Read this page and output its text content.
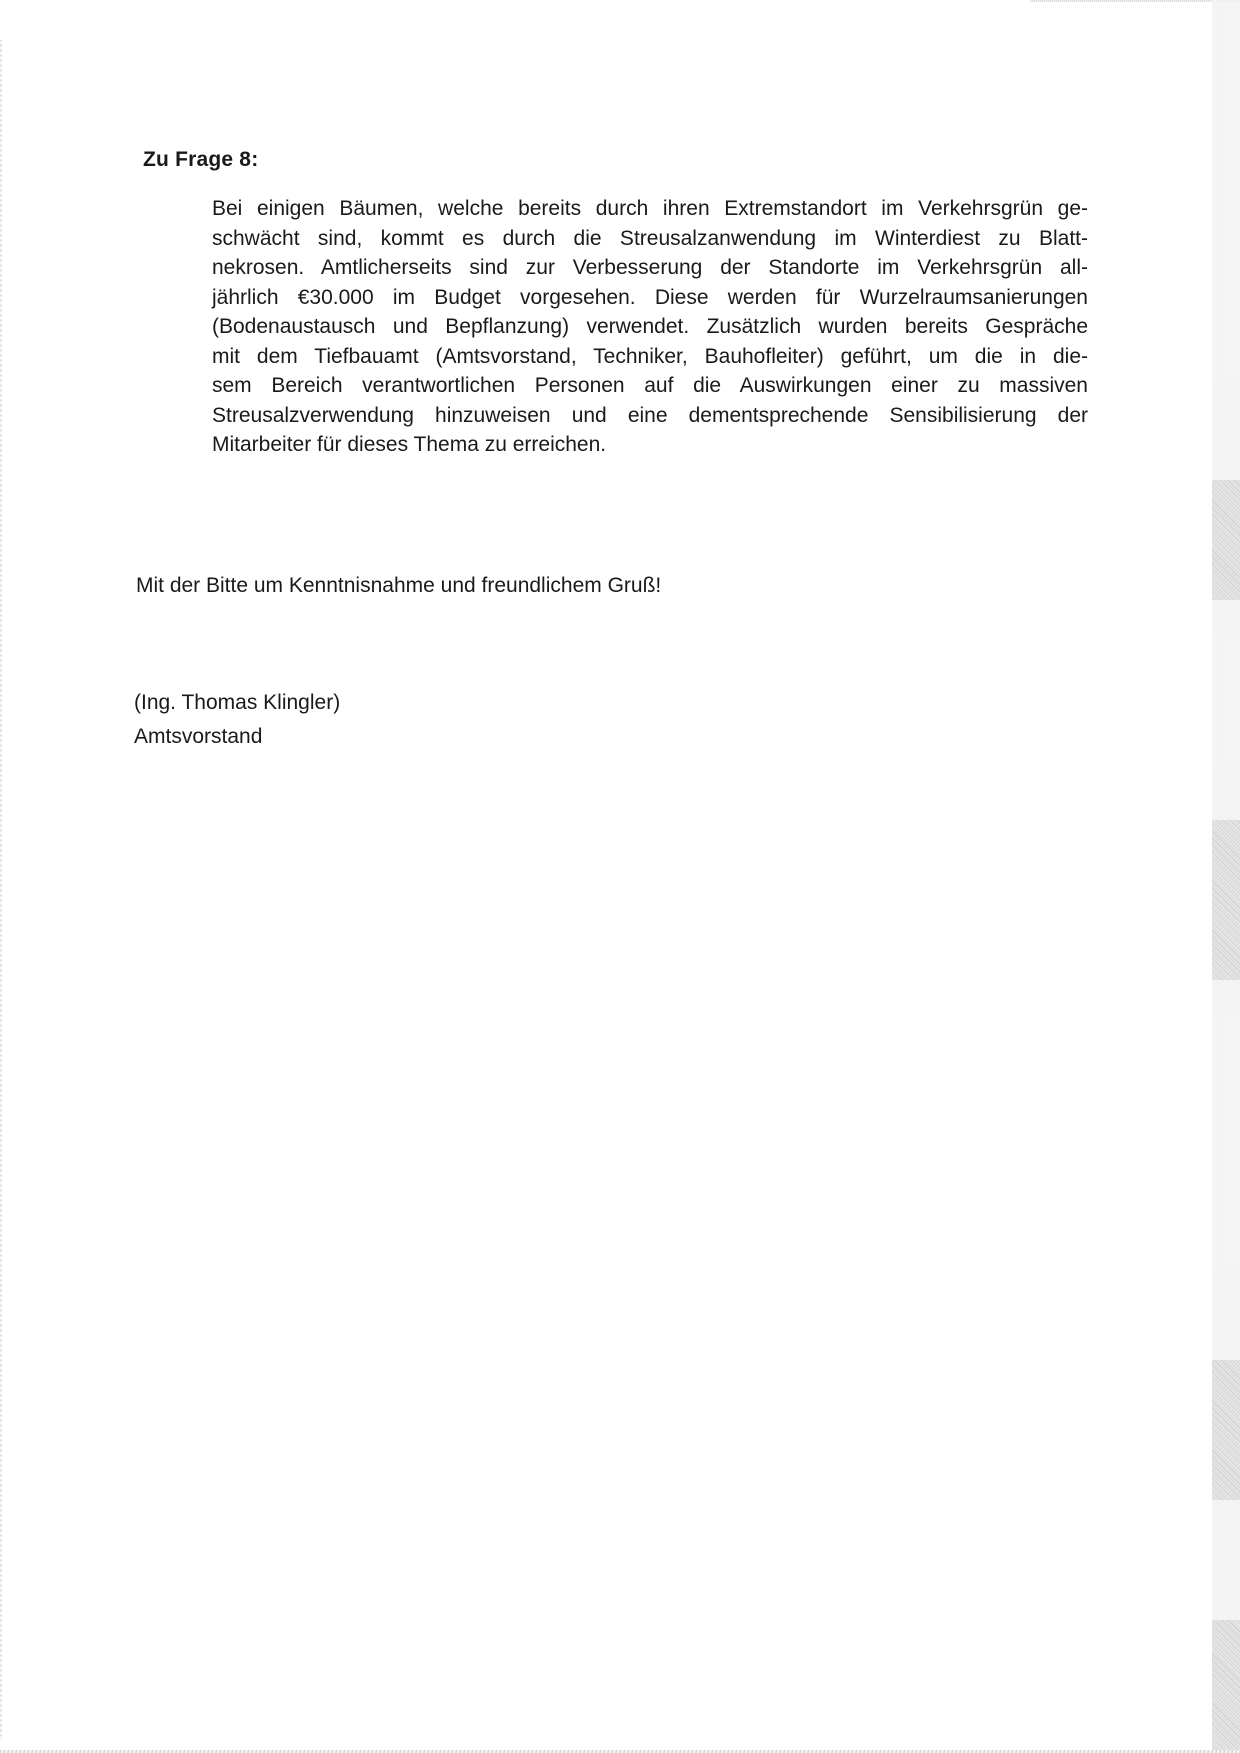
Zu Frage 8:
Bei einigen Bäumen, welche bereits durch ihren Extremstandort im Verkehrsgrün ge-
schwächt sind, kommt es durch die Streusalzanwendung im Winterdiest zu Blatt-
nekrosen. Amtlicherseits sind zur Verbesserung der Standorte im Verkehrsgrün all-
jährlich €30.000 im Budget vorgesehen. Diese werden für Wurzelraumsanierungen
(Bodenaustausch und Bepflanzung) verwendet. Zusätzlich wurden bereits Gespräche
mit dem Tiefbauamt (Amtsvorstand, Techniker, Bauhofleiter) geführt, um die in die-
sem Bereich verantwortlichen Personen auf die Auswirkungen einer zu massiven
Streusalzverwendung hinzuweisen und eine dementsprechende Sensibilisierung der
Mitarbeiter für dieses Thema zu erreichen.
Mit der Bitte um Kenntnisnahme und freundlichem Gruß!
(Ing. Thomas Klingler)
Amtsvorstand
